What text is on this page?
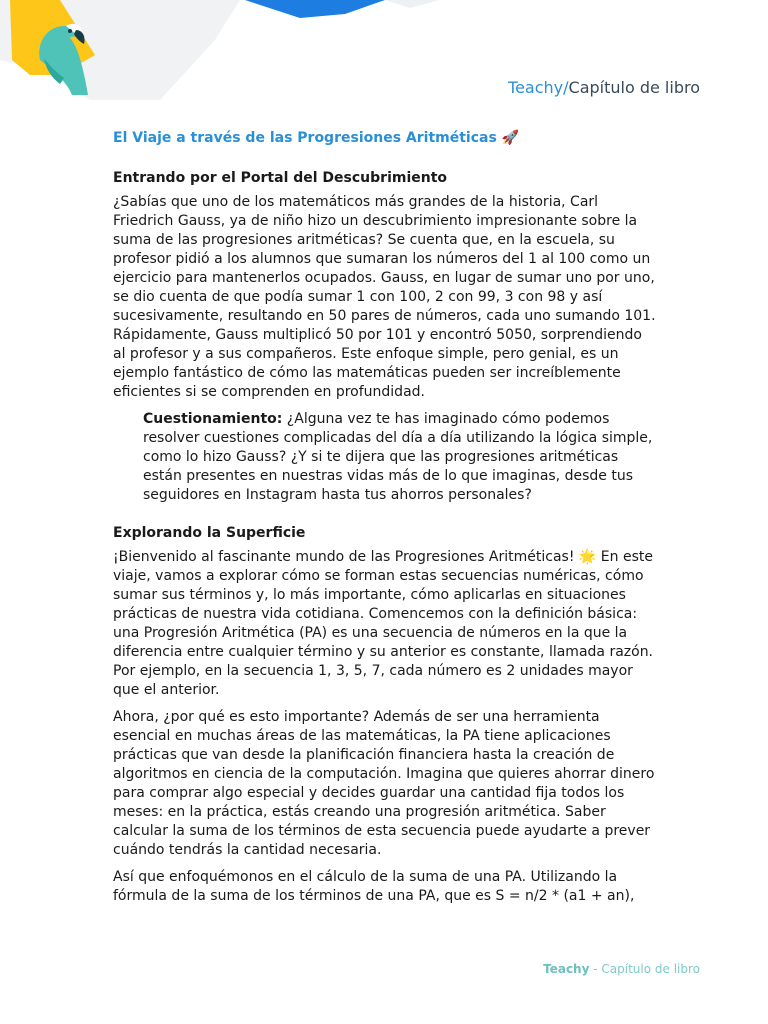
Teachy/Capítulo de libro
El Viaje a través de las Progresiones Aritméticas 🚀
Entrando por el Portal del Descubrimiento

¿Sabías que uno de los matemáticos más grandes de la historia, Carl Friedrich Gauss, ya de niño hizo un descubrimiento impresionante sobre la suma de las progresiones aritméticas? Se cuenta que, en la escuela, su profesor pidió a los alumnos que sumaran los números del 1 al 100 como un ejercicio para mantenerlos ocupados. Gauss, en lugar de sumar uno por uno, se dio cuenta de que podía sumar 1 con 100, 2 con 99, 3 con 98 y así sucesivamente, resultando en 50 pares de números, cada uno sumando 101. Rápidamente, Gauss multiplicó 50 por 101 y encontró 5050, sorprendiendo al profesor y a sus compañeros. Este enfoque simple, pero genial, es un ejemplo fantástico de cómo las matemáticas pueden ser increíblemente eficientes si se comprenden en profundidad.

Cuestionamiento: ¿Alguna vez te has imaginado cómo podemos resolver cuestiones complicadas del día a día utilizando la lógica simple, como lo hizo Gauss? ¿Y si te dijera que las progresiones aritméticas están presentes en nuestras vidas más de lo que imaginas, desde tus seguidores en Instagram hasta tus ahorros personales?

Explorando la Superficie

¡Bienvenido al fascinante mundo de las Progresiones Aritméticas! 🌟 En este viaje, vamos a explorar cómo se forman estas secuencias numéricas, cómo sumar sus términos y, lo más importante, cómo aplicarlas en situaciones prácticas de nuestra vida cotidiana. Comencemos con la definición básica: una Progresión Aritmética (PA) es una secuencia de números en la que la diferencia entre cualquier término y su anterior es constante, llamada razón. Por ejemplo, en la secuencia 1, 3, 5, 7, cada número es 2 unidades mayor que el anterior.

Ahora, ¿por qué es esto importante? Además de ser una herramienta esencial en muchas áreas de las matemáticas, la PA tiene aplicaciones prácticas que van desde la planificación financiera hasta la creación de algoritmos en ciencia de la computación. Imagina que quieres ahorrar dinero para comprar algo especial y decides guardar una cantidad fija todos los meses: en la práctica, estás creando una progresión aritmética. Saber calcular la suma de los términos de esta secuencia puede ayudarte a prever cuándo tendrás la cantidad necesaria.

Así que enfoquémonos en el cálculo de la suma de una PA. Utilizando la fórmula de la suma de los términos de una PA, que es S = n/2 * (a1 + an),

Teachy - Capítulo de libro
